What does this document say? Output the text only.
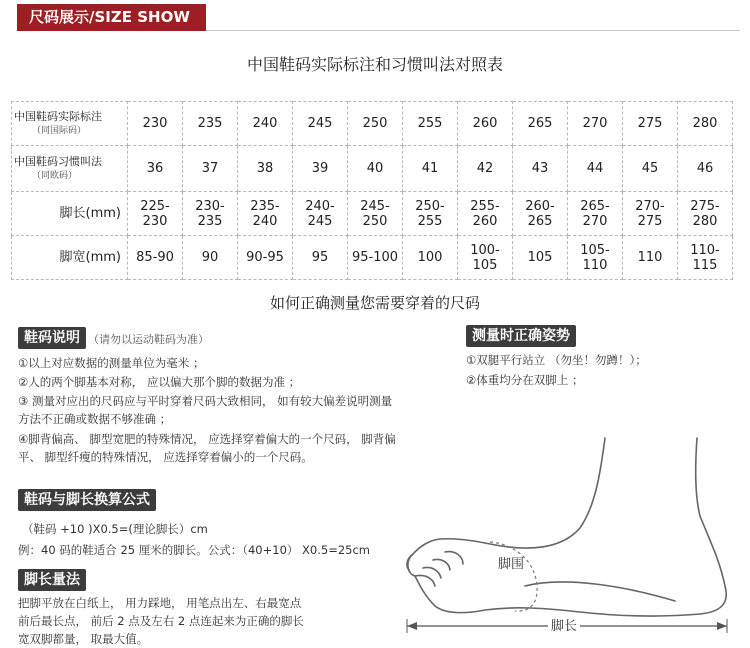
尺码展示/SIZE SHOW
中国鞋码实际标注和习惯叫法对照表
中国鞋码实际标注
（同国际码）	230	235	240	245	250	255	260	265	270	275	280
中国鞋码习惯叫法
（同欧码）	36	37	38	39	40	41	42	43	44	45	46
脚长(mm)	225-230	230-235	235-240	240-245	245-250	250-255	255-260	260-265	265-270	270-275	275-280
脚宽(mm)	85-90	90	90-95	95	95-100	100	100-105	105	105-110	110	110-115
如何正确测量您需要穿着的尺码
鞋码说明 （请勿以运动鞋码为准）
①以上对应数据的测量单位为毫米 ；
②人的两个脚基本对称， 应以偏大那个脚的数据为准 ；
③ 测量对应出的尺码应与平时穿着尺码大致相同， 如有较大偏差说明测量方法不正确或数据不够准确 ；
④脚背偏高、 脚型宽肥的特殊情况， 应选择穿着偏大的一个尺码， 脚背偏平、 脚型纤瘦的特殊情况， 应选择穿着偏小的一个尺码。
测量时正确姿势
①双腿平行站立 （勿坐！勿蹲！）；
②体重均分在双脚上 ；
鞋码与脚长换算公式
（鞋码 +10 )X0.5=(理论脚长）cm
例：40 码的鞋适合 25 厘米的脚长。公式：（40+10） X0.5=25cm
脚长量法
把脚平放在白纸上， 用力踩地， 用笔点出左、右最宽点前后最长点， 前后 2 点及左右 2 点连起来为正确的脚长宽双脚都量， 取最大值。
脚围
脚长
